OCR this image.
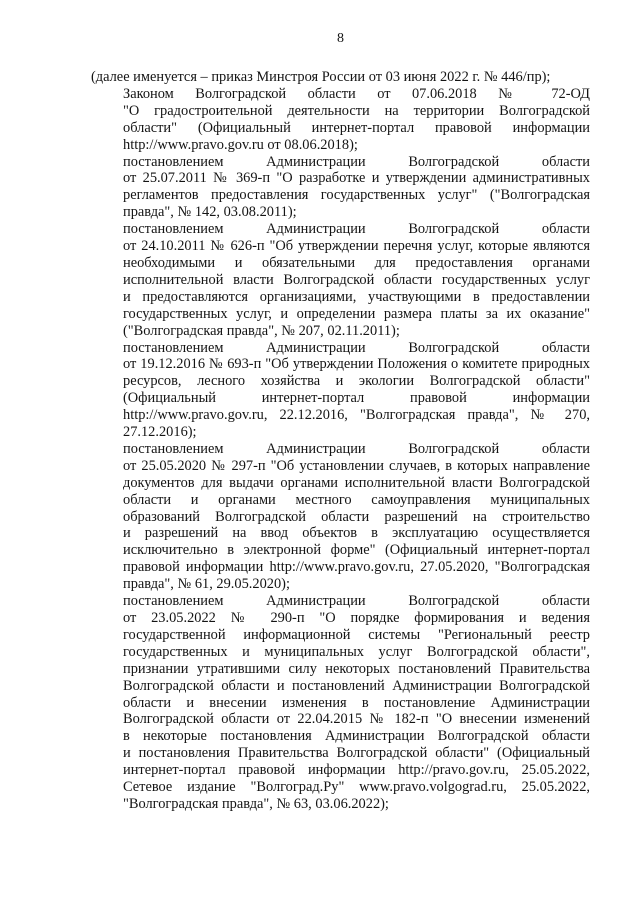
8
(далее именуется – приказ Минстроя России от 03 июня 2022 г. № 446/пр);
Законом Волгоградской области от 07.06.2018 № 72-ОД
"О градостроительной деятельности на территории Волгоградской
области" (Официальный интернет-портал правовой информации
http://www.pravo.gov.ru от 08.06.2018);
постановлением Администрации Волгоградской области
от 25.07.2011 № 369-п "О разработке и утверждении административных
регламентов предоставления государственных услуг" ("Волгоградская
правда", № 142, 03.08.2011);
постановлением Администрации Волгоградской области
от 24.10.2011 № 626-п "Об утверждении перечня услуг, которые являются
необходимыми и обязательными для предоставления органами
исполнительной власти Волгоградской области государственных услуг
и предоставляются организациями, участвующими в предоставлении
государственных услуг, и определении размера платы за их оказание"
("Волгоградская правда", № 207, 02.11.2011);
постановлением Администрации Волгоградской области
от 19.12.2016 № 693-п "Об утверждении Положения о комитете природных
ресурсов, лесного хозяйства и экологии Волгоградской области"
(Официальный интернет-портал правовой информации
http://www.pravo.gov.ru, 22.12.2016, "Волгоградская правда", № 270,
27.12.2016);
постановлением Администрации Волгоградской области
от 25.05.2020 № 297-п "Об установлении случаев, в которых направление
документов для выдачи органами исполнительной власти Волгоградской
области и органами местного самоуправления муниципальных
образований Волгоградской области разрешений на строительство
и разрешений на ввод объектов в эксплуатацию осуществляется
исключительно в электронной форме" (Официальный интернет-портал
правовой информации http://www.pravo.gov.ru, 27.05.2020, "Волгоградская
правда", № 61, 29.05.2020);
постановлением Администрации Волгоградской области
от 23.05.2022 № 290-п "О порядке формирования и ведения
государственной информационной системы "Региональный реестр
государственных и муниципальных услуг Волгоградской области",
признании утратившими силу некоторых постановлений Правительства
Волгоградской области и постановлений Администрации Волгоградской
области и внесении изменения в постановление Администрации
Волгоградской области от 22.04.2015 № 182-п "О внесении изменений
в некоторые постановления Администрации Волгоградской области
и постановления Правительства Волгоградской области" (Официальный
интернет-портал правовой информации http://pravo.gov.ru, 25.05.2022,
Сетевое издание "Волгоград.Ру" www.pravo.volgograd.ru, 25.05.2022,
"Волгоградская правда", № 63, 03.06.2022);
